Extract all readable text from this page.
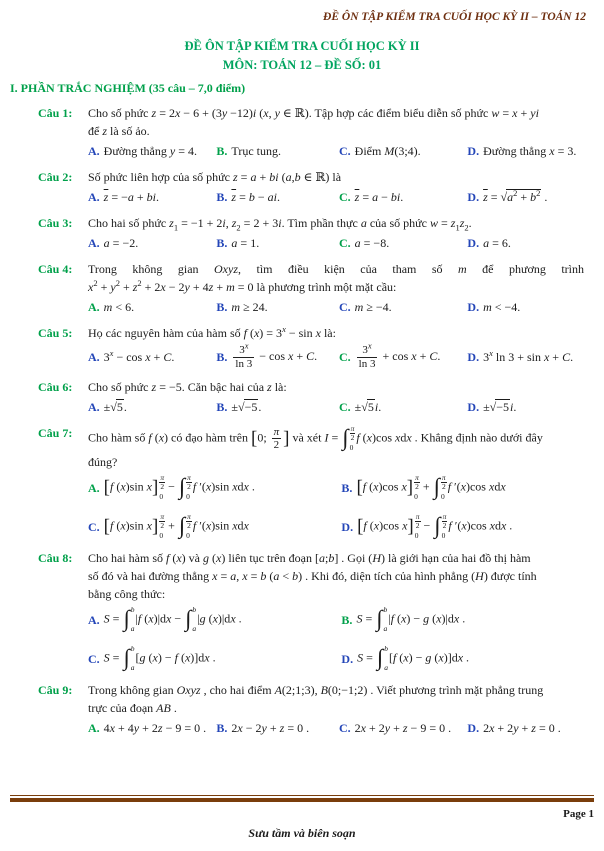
ĐỀ ÔN TẬP KIỂM TRA CUỐI HỌC KỲ II – TOÁN 12
ĐỀ ÔN TẬP KIỂM TRA CUỐI HỌC KỲ II
MÔN: TOÁN 12 – ĐỀ SỐ: 01
I. PHẦN TRẮC NGHIỆM (35 câu – 7,0 điểm)
Câu 1:	Cho số phức z = 2x − 6 + (3y −12)i (x, y ∈ ℝ). Tập hợp các điểm biểu diễn số phức w = x + yi
để z là số ảo.
A. Đường thẳng y = 4. B. Trục tung.	C. Điểm M(3;4).	D. Đường thẳng x = 3.
Câu 2:	Số phức liên hợp của số phức z = a + bi (a,b ∈ ℝ) là
A. $\overline{z} = -a$ + bi.	B. $\overline{z} = b$ − ai.	C. $\overline{z} = a$ − bi.	D. $\overline{z} = √a^2 + b^2$ .
Câu 3:	Cho hai số phức $z_1 = -1 + 2i$, $z_2 = 2 + 3i$. Tìm phần thực a của số phức $w = z_1z_2$.
A. a = −2.	B. a = 1.	C. a = −8.	D. a = 6.
Câu 4:	Trong không gian Oxyz, tìm điều kiện của tham số m để phương trình
$x^2 + y^2 + z^2 + 2x - 2y + 4z + m = 0$ là phương trình một mặt cầu:
A. m < 6.	B. m ≥ 24.	C. m ≥ −4.	D. m < −4.
Câu 5:	Họ các nguyên hàm của hàm số f $(x) = 3^x - \sin x$ là:
A. $3^x - \cos x + C$.	B. $\frac{3^x}{\ln 3} - \cos x + C$. C. $\frac{3^x}{\ln 3} + \cos x + C$. D. 3$^x$ ln 3 + sin x + C.
Câu 6:	Cho số phức z = −5. Căn bậc hai của z là:
A. ±√5.	B. ±√−5.	C. ±√5i.	D. ±√−5i.
Câu 7:	Cho hàm số f (x) có đạo hàm trên [0; $\frac{\pi}{2}$ ] và xét I = ∫ π
2
0
f (x)cos xdx . Khẳng định nào dưới đây
đúng?
A. [f (x)sin x] π
2
0
− ∫ π
2
0
f ′(x)sin xdx .	B. [f (x)cos x] π
2
0
+ ∫ π
2
0
f ′(x)cos xdx
C. [f (x)sin x] π
2
0
+ ∫ π
2
0
f ′(x)sin xdx	D. [f (x)cos x] π
2
0
− ∫ π
2
0
f ′(x)cos xdx .
Câu 8:	Cho hai hàm số f (x) và g (x) liên tục trên đoạn [a;b] . Gọi (H) là giới hạn của hai đồ thị hàm
số đó và hai đường thẳng x = a, x = b (a < b) . Khi đó, diện tích của hình phẳng (H) được tính
bằng công thức:
A. S = ∫ b
a
|f (x)|dx − ∫ b
a
|g (x)|dx .	B. S = ∫ b
a
|f (x) − g (x)|dx .
C. S = ∫ b
a
[g (x) − f (x)]dx .	D. S = ∫ b
a
[f (x) − g (x)]dx .
Câu 9:	Trong không gian Oxyz , cho hai điểm A(2;1;3), B(0;−1;2) . Viết phương trình mặt phẳng trung
trực của đoạn AB .
A. 4x + 4y + 2z − 9 = 0 . B. 2x − 2y + z = 0 . C. 2x + 2y + z − 9 = 0 . D. 2x + 2y + z = 0 .
Page 1
Sưu tầm và biên soạn
